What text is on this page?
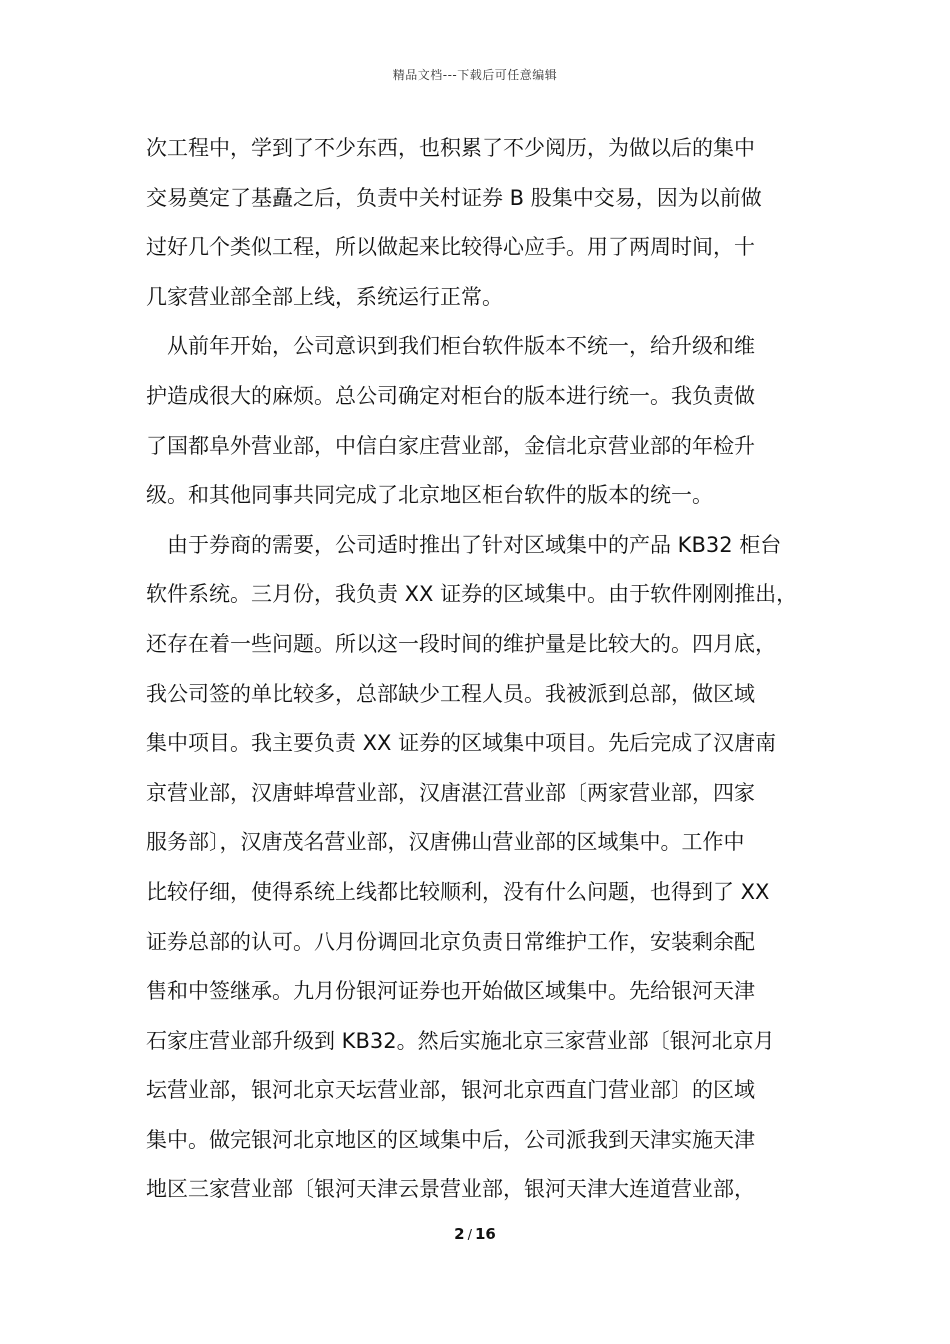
精品文档---下载后可任意编辑
次工程中，学到了不少东西，也积累了不少阅历，为做以后的集中
交易奠定了基矗之后，负责中关村证券 B 股集中交易，因为以前做
过好几个类似工程，所以做起来比较得心应手。用了两周时间，十
几家营业部全部上线，系统运行正常。
从前年开始，公司意识到我们柜台软件版本不统一，给升级和维
护造成很大的麻烦。总公司确定对柜台的版本进行统一。我负责做
了国都阜外营业部，中信白家庄营业部，金信北京营业部的年检升
级。和其他同事共同完成了北京地区柜台软件的版本的统一。
由于券商的需要，公司适时推出了针对区域集中的产品 KB32 柜台
软件系统。三月份，我负责 XX 证券的区域集中。由于软件刚刚推出，
还存在着一些问题。所以这一段时间的维护量是比较大的。四月底，
我公司签的单比较多，总部缺少工程人员。我被派到总部，做区域
集中项目。我主要负责 XX 证券的区域集中项目。先后完成了汉唐南
京营业部，汉唐蚌埠营业部，汉唐湛江营业部〔两家营业部，四家
服务部〕，汉唐茂名营业部，汉唐佛山营业部的区域集中。工作中
比较仔细，使得系统上线都比较顺利，没有什么问题，也得到了 XX
证券总部的认可。八月份调回北京负责日常维护工作，安装剩余配
售和中签继承。九月份银河证券也开始做区域集中。先给银河天津
石家庄营业部升级到 KB32。然后实施北京三家营业部〔银河北京月
坛营业部，银河北京天坛营业部，银河北京西直门营业部〕的区域
集中。做完银河北京地区的区域集中后，公司派我到天津实施天津
地区三家营业部〔银河天津云景营业部，银河天津大连道营业部，
2 / 16
